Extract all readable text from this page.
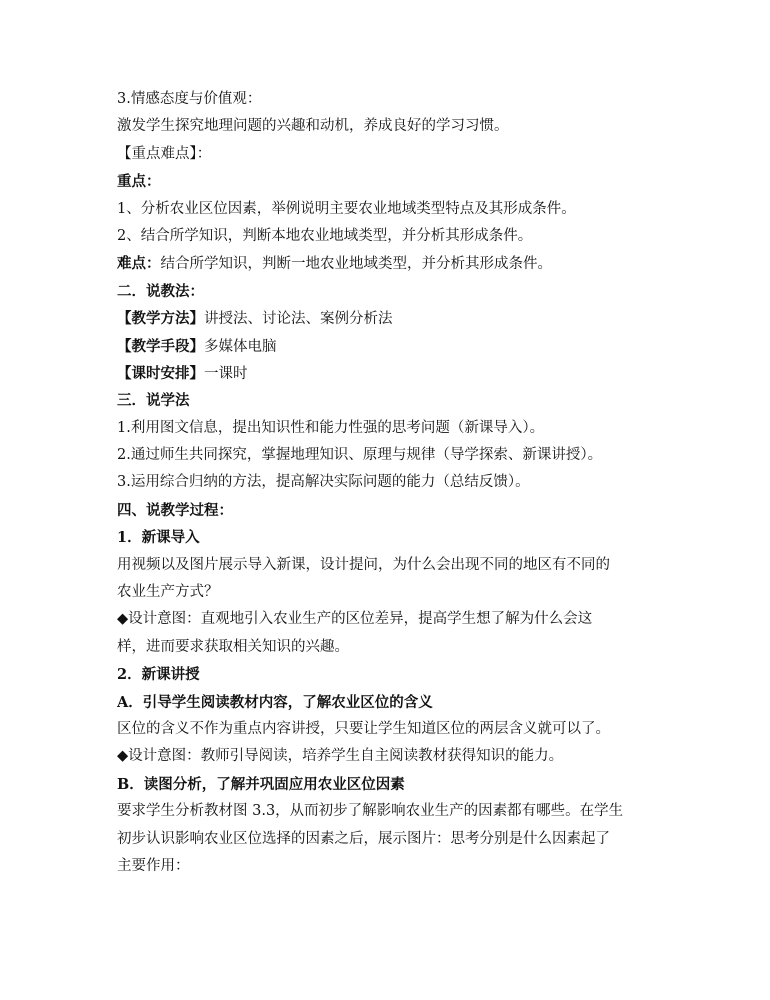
3.情感态度与价值观：
激发学生探究地理问题的兴趣和动机，养成良好的学习习惯。
【重点难点】：
重点：
1、分析农业区位因素，举例说明主要农业地域类型特点及其形成条件。
2、结合所学知识，判断本地农业地域类型，并分析其形成条件。
难点：结合所学知识，判断一地农业地域类型，并分析其形成条件。
二．说教法：
【教学方法】讲授法、讨论法、案例分析法
【教学手段】多媒体电脑
【课时安排】一课时
三．说学法
1.利用图文信息，提出知识性和能力性强的思考问题（新课导入）。
2.通过师生共同探究，掌握地理知识、原理与规律（导学探索、新课讲授）。
3.运用综合归纳的方法，提高解决实际问题的能力（总结反馈）。
四、说教学过程：
1．新课导入
用视频以及图片展示导入新课，设计提问，为什么会出现不同的地区有不同的
农业生产方式？
◆设计意图：直观地引入农业生产的区位差异，提高学生想了解为什么会这
样，进而要求获取相关知识的兴趣。
2．新课讲授
A．引导学生阅读教材内容，了解农业区位的含义
区位的含义不作为重点内容讲授，只要让学生知道区位的两层含义就可以了。
◆设计意图：教师引导阅读，培养学生自主阅读教材获得知识的能力。
B．读图分析，了解并巩固应用农业区位因素
要求学生分析教材图 3.3，从而初步了解影响农业生产的因素都有哪些。在学生
初步认识影响农业区位选择的因素之后，展示图片：思考分别是什么因素起了
主要作用：
